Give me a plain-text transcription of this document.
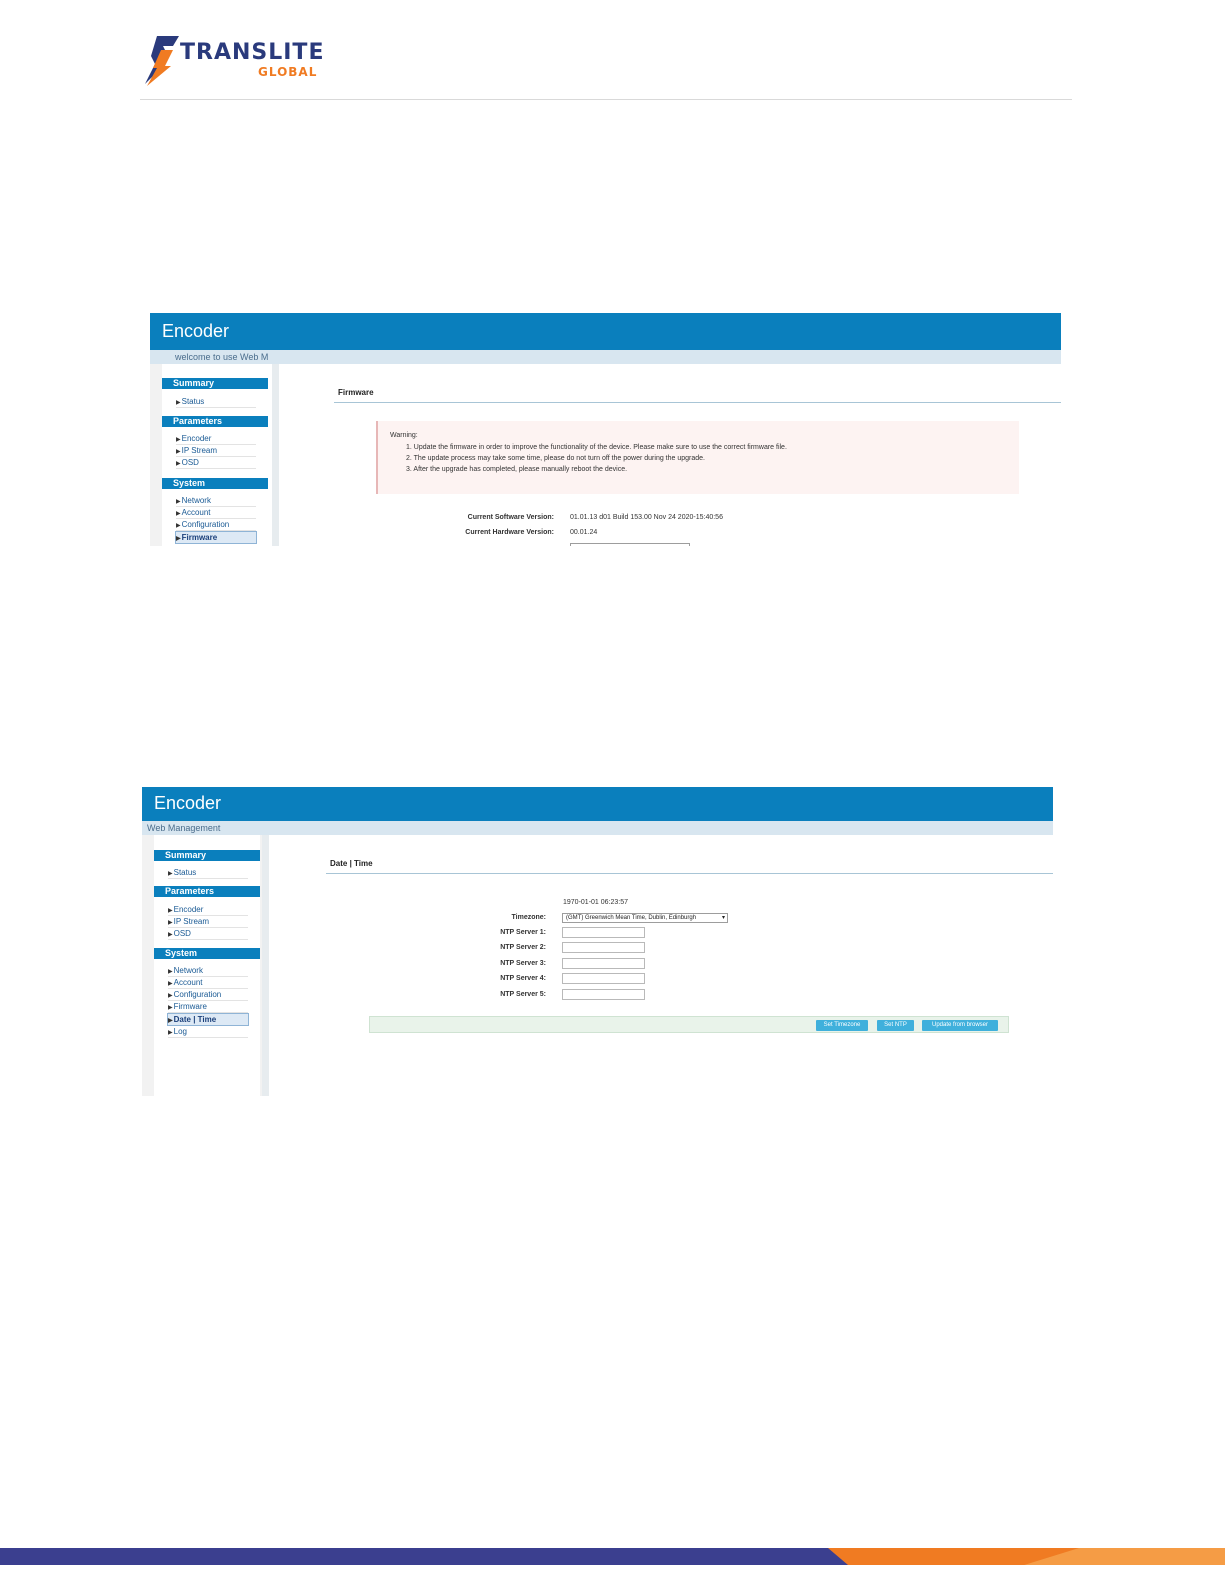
TRANSLITE
GLOBAL
Encoder
welcome to use Web M
Summary
▶Status
Parameters
▶Encoder
▶IP Stream
▶OSD
System
▶Network
▶Account
▶Configuration
▶Firmware
Firmware
Warning:
1. Update the firmware in order to improve the functionality of the device. Please make sure to use the correct firmware file.
2. The update process may take some time, please do not turn off the power during the upgrade.
3. After the upgrade has completed, please manually reboot the device.
Current Software Version: 01.01.13 d01 Build 153.00 Nov 24 2020-15:40:56
Current Hardware Version: 00.01.24
Encoder
Web Management
Summary
▶Status
Parameters
▶Encoder
▶IP Stream
▶OSD
System
▶Network
▶Account
▶Configuration
▶Firmware
▶Date | Time
▶Log
Date | Time
1970-01-01 06:23:57
Timezone:	(GMT) Greenwich Mean Time, Dublin, Edinburgh	▾
NTP Server 1:
NTP Server 2:
NTP Server 3:
NTP Server 4:
NTP Server 5:
Set Timezone	Set NTP	Update from browser
